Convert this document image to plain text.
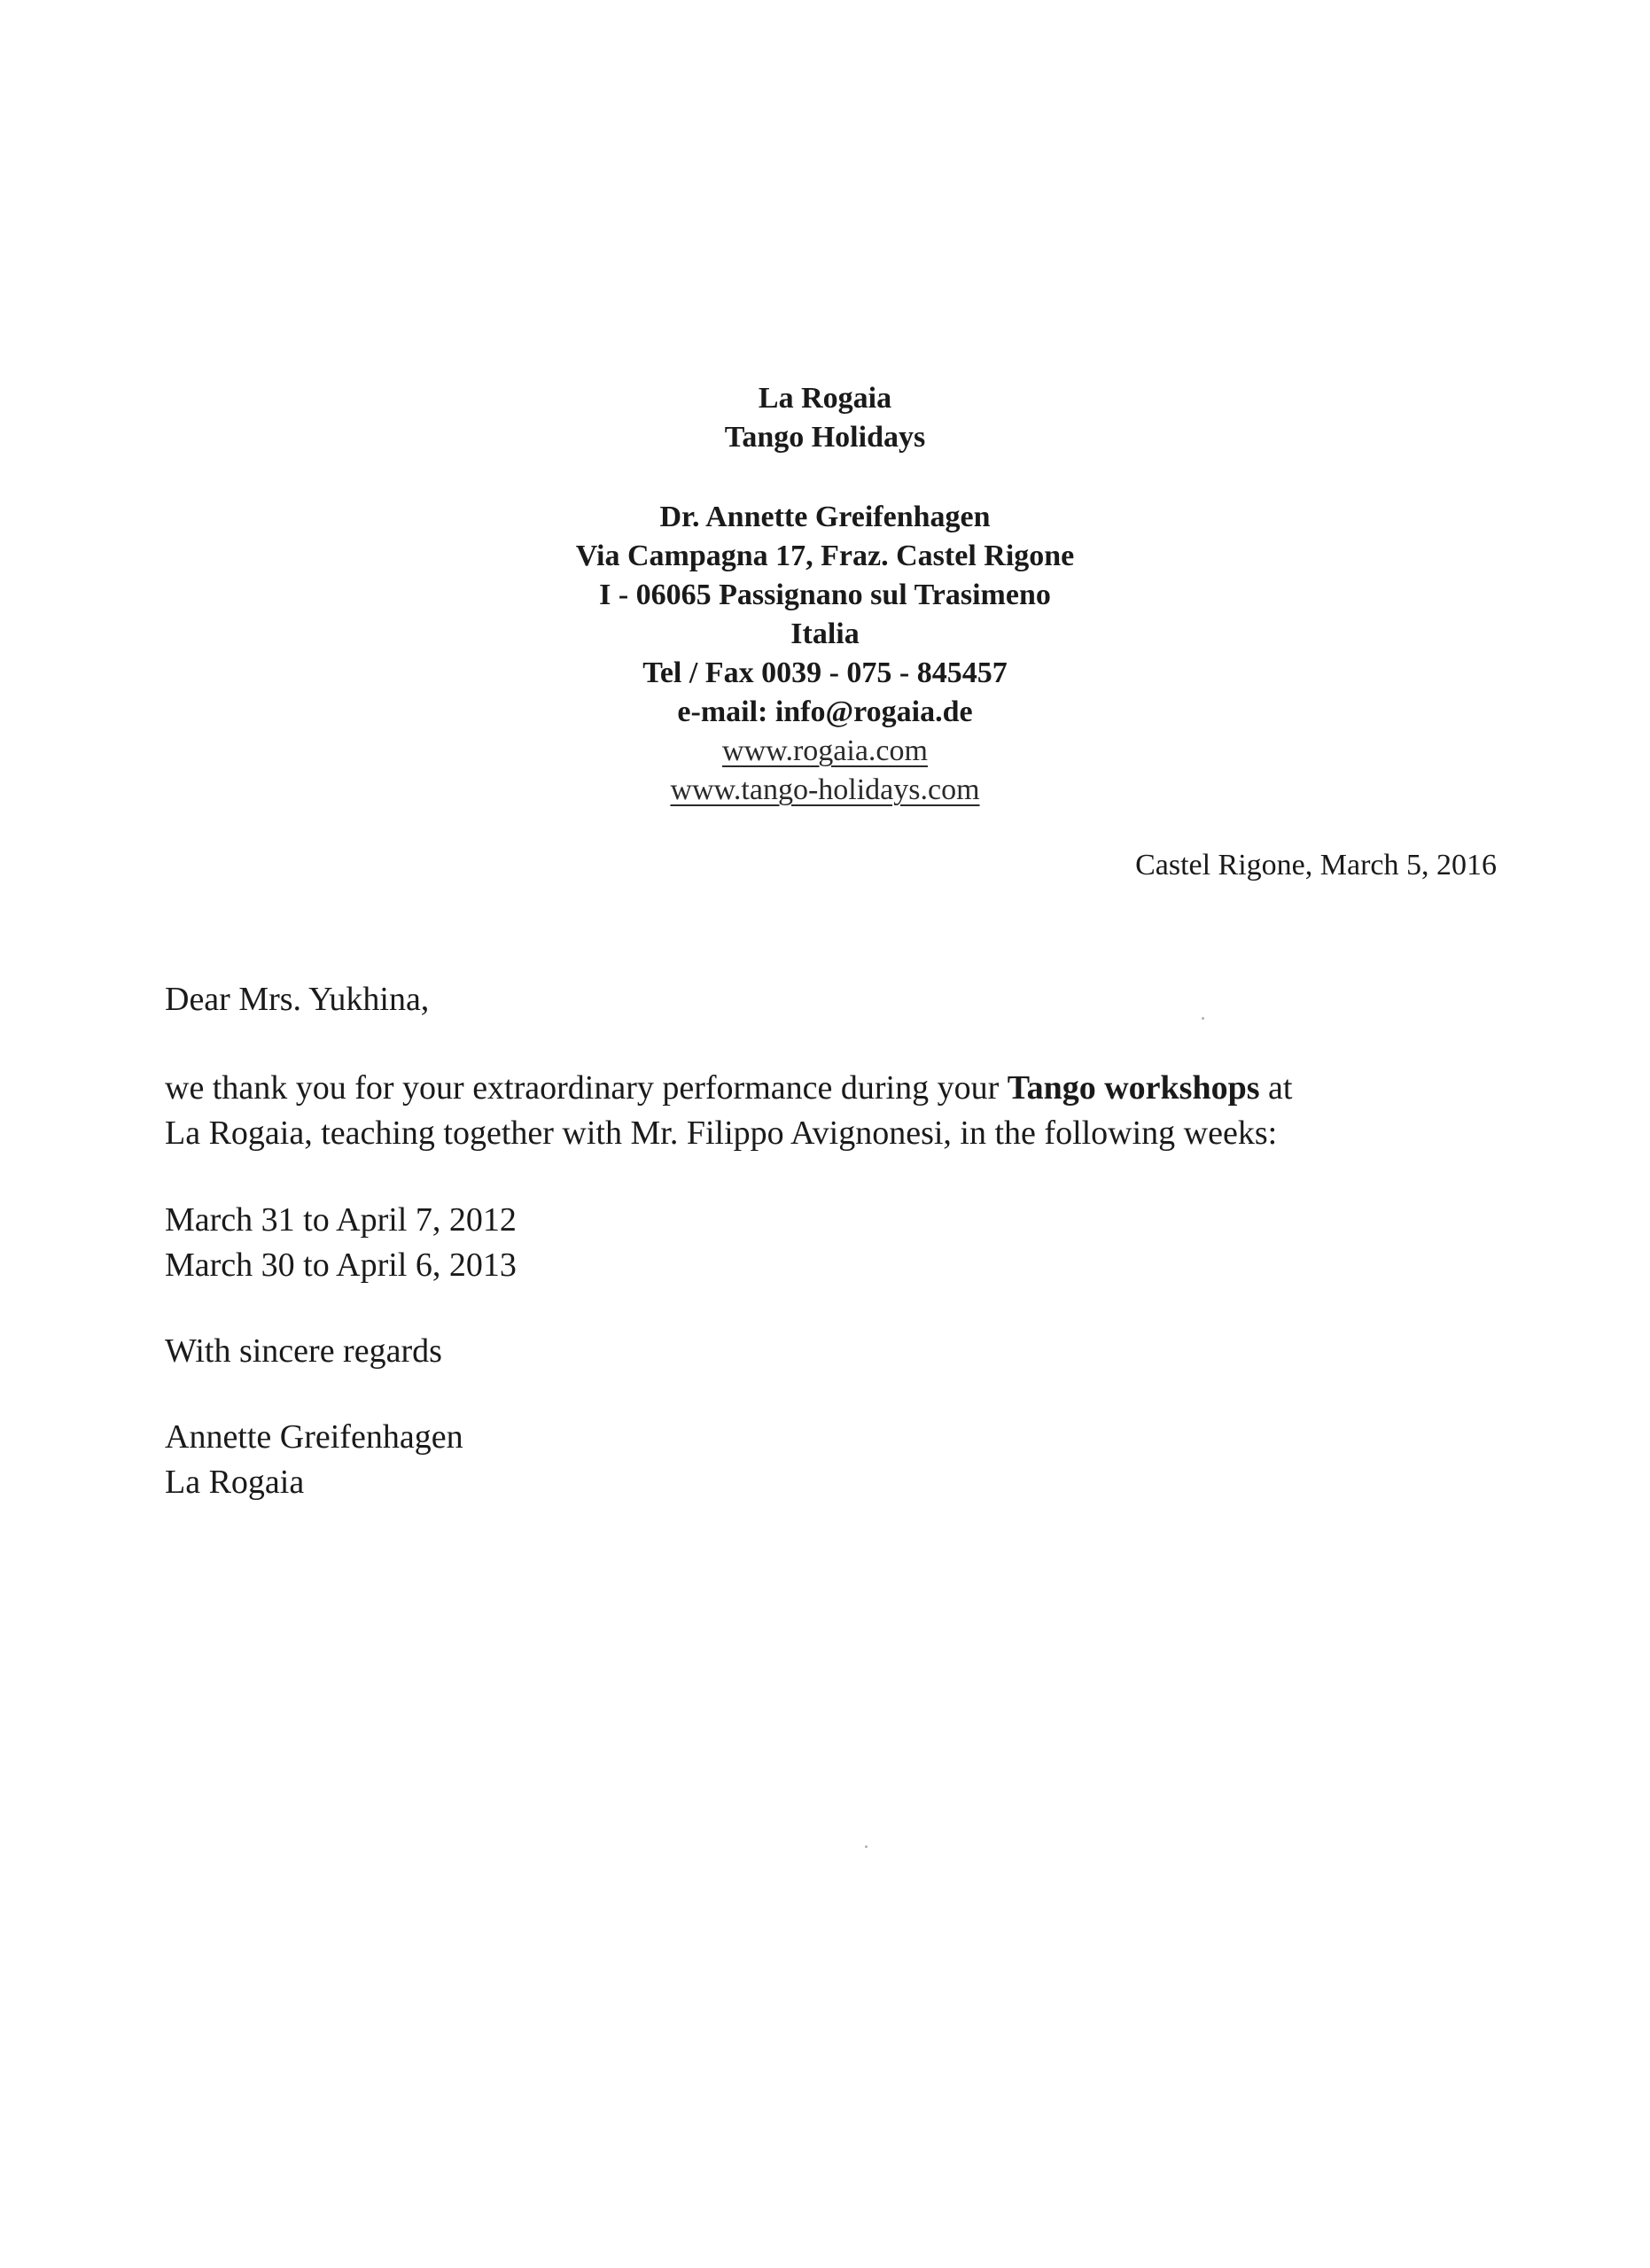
La Rogaia

Tango Holidays

Dr. Annette Greifenhagen

Via Campagna 17, Fraz. Castel Rigone

I - 06065 Passignano sul Trasimeno

Italia

Tel / Fax 0039 - 075 - 845457

e-mail: info@rogaia.de

www.rogaia.com

www.tango-holidays.com

Castel Rigone, March 5, 2016
Dear Mrs. Yukhina,

we thank you for your extraordinary performance during your Tango workshops at

La Rogaia, teaching together with Mr. Filippo Avignonesi, in the following weeks:

March 31 to April 7, 2012

March 30 to April 6, 2013

With sincere regards

Annette Greifenhagen

La Rogaia
